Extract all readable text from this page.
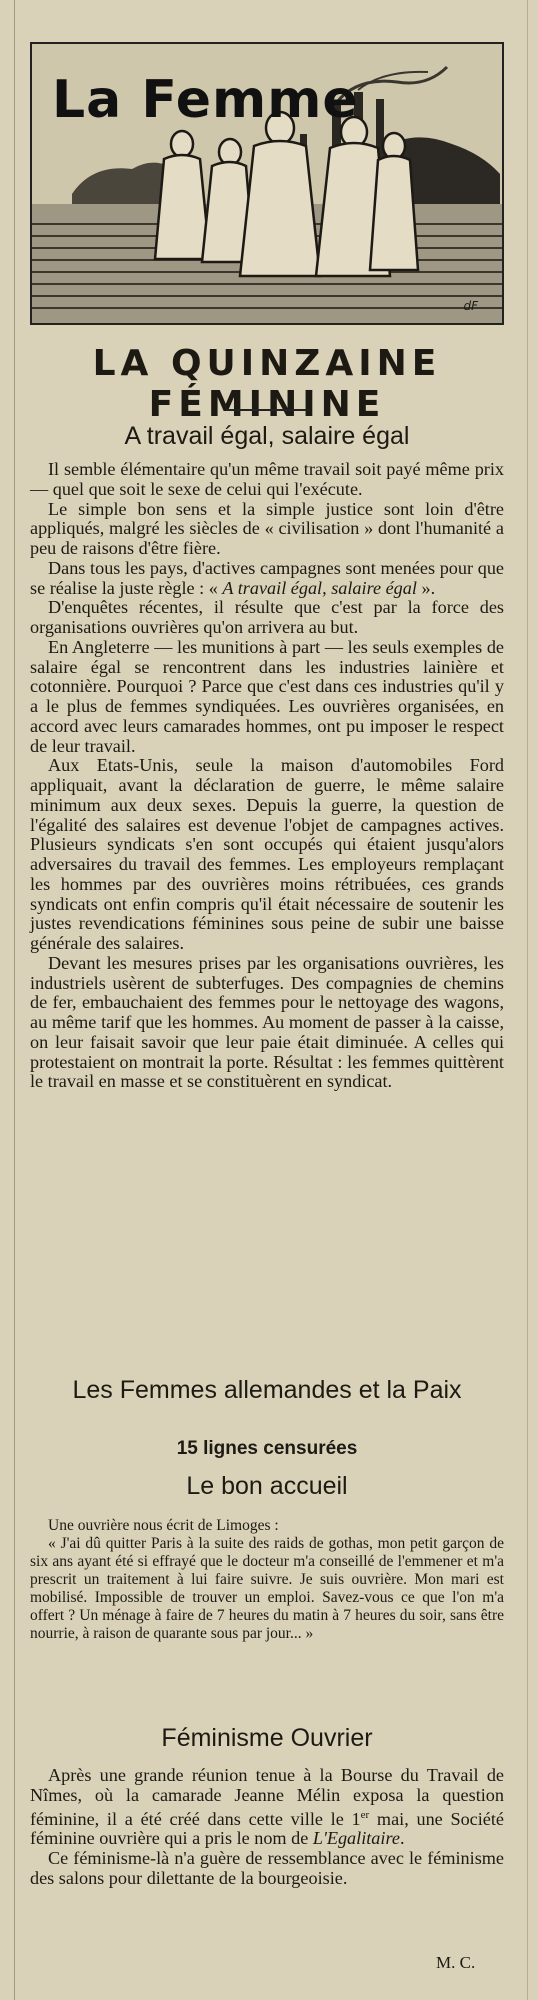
La Femme
dF
LA QUINZAINE FÉMININE
A travail égal, salaire égal

Il semble élémentaire qu'un même travail soit payé même prix — quel que soit le sexe de celui qui l'exécute.

Le simple bon sens et la simple justice sont loin d'être appliqués, malgré les siècles de « civilisation » dont l'humanité a peu de raisons d'être fière.

Dans tous les pays, d'actives campagnes sont menées pour que se réalise la juste règle : « A travail égal, salaire égal ».

D'enquêtes récentes, il résulte que c'est par la force des organisations ouvrières qu'on arrivera au but.

En Angleterre — les munitions à part — les seuls exemples de salaire égal se rencontrent dans les industries lainière et cotonnière. Pourquoi ? Parce que c'est dans ces industries qu'il y a le plus de femmes syndiquées. Les ouvrières organisées, en accord avec leurs camarades hommes, ont pu imposer le respect de leur travail.

Aux Etats-Unis, seule la maison d'automobiles Ford appliquait, avant la déclaration de guerre, le même salaire minimum aux deux sexes. Depuis la guerre, la question de l'égalité des salaires est devenue l'objet de campagnes actives. Plusieurs syndicats s'en sont occupés qui étaient jusqu'alors adversaires du travail des femmes. Les employeurs remplaçant les hommes par des ouvrières moins rétribuées, ces grands syndicats ont enfin compris qu'il était nécessaire de soutenir les justes revendications féminines sous peine de subir une baisse générale des salaires.

Devant les mesures prises par les organisations ouvrières, les industriels usèrent de subterfuges. Des compagnies de chemins de fer, embauchaient des femmes pour le nettoyage des wagons, au même tarif que les hommes. Au moment de passer à la caisse, on leur faisait savoir que leur paie était diminuée. A celles qui protestaient on montrait la porte. Résultat : les femmes quittèrent le travail en masse et se constituèrent en syndicat.

Les Femmes allemandes et la Paix
15 lignes censurées
Le bon accueil

Une ouvrière nous écrit de Limoges :

« J'ai dû quitter Paris à la suite des raids de gothas, mon petit garçon de six ans ayant été si effrayé que le docteur m'a conseillé de l'emmener et m'a prescrit un traitement à lui faire suivre. Je suis ouvrière. Mon mari est mobilisé. Impossible de trouver un emploi. Savez-vous ce que l'on m'a offert ? Un ménage à faire de 7 heures du matin à 7 heures du soir, sans être nourrie, à raison de quarante sous par jour... »

Féminisme Ouvrier

Après une grande réunion tenue à la Bourse du Travail de Nîmes, où la camarade Jeanne Mélin exposa la question féminine, il a été créé dans cette ville le 1er mai, une Société féminine ouvrière qui a pris le nom de L'Egalitaire.

Ce féminisme-là n'a guère de ressemblance avec le féminisme des salons pour dilettante de la bourgeoisie.

M. C.
